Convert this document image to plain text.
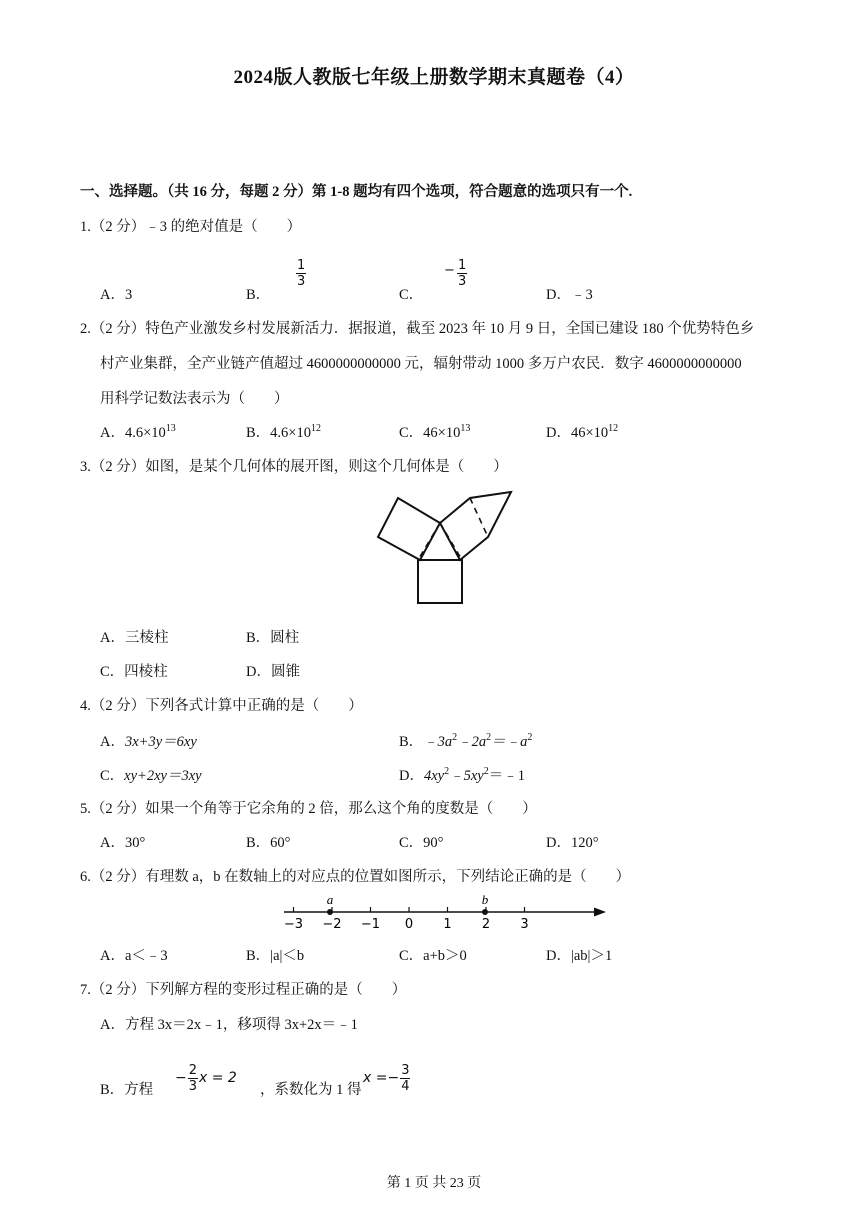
2024版人教版七年级上册数学期末真题卷（4）
一、选择题。（共 16 分，每题 2 分）第 1-8 题均有四个选项，符合题意的选项只有一个.
1.（2 分）﹣3 的绝对值是（　　）
A．3	B．
$\frac{1}{3}$
C．
− $\frac{1}{3}$
D．﹣3
2.（2 分）特色产业激发乡村发展新活力．据报道，截至 2023 年 10 月 9 日，全国已建设 180 个优势特色乡
村产业集群，全产业链产值超过 4600000000000 元，辐射带动 1000 多万户农民．数字 4600000000000
用科学记数法表示为（　　）
A．$4.6\times 10^{13}$	B．$4.6\times 10^{12}$	C．$46\times 10^{13}$	D．$46\times 10^{12}$
3.（2 分）如图，是某个几何体的展开图，则这个几何体是（　　）
A．三棱柱	B．圆柱
C．四棱柱	D．圆锥
4.（2 分）下列各式计算中正确的是（　　）
A．3x+3y＝6xy	B．$﹣3a^2﹣2a^2=﹣a^2$
C．xy+2xy＝3xy	D．$4xy^2﹣5xy^2=﹣1$
5.（2 分）如果一个角等于它余角的 2 倍，那么这个角的度数是（　　）
A．30°	B．60°	C．90°	D．120°
6.（2 分）有理数 a，b 在数轴上的对应点的位置如图所示，下列结论正确的是（　　）
−3 −2 −1 0 1 2 3
a	b
A．a＜﹣3	B．|a|＜b	C．a+b＞0	D．|ab|＞1
7.（2 分）下列解方程的变形过程正确的是（　　）
A．方程 3x＝2x﹣1，移项得 3x+2x＝﹣1
B．方程
− $\frac{2}{3}$ x = 2
，系数化为 1 得
$x =- \frac{3}{4}$
第 1 页 共 23 页
